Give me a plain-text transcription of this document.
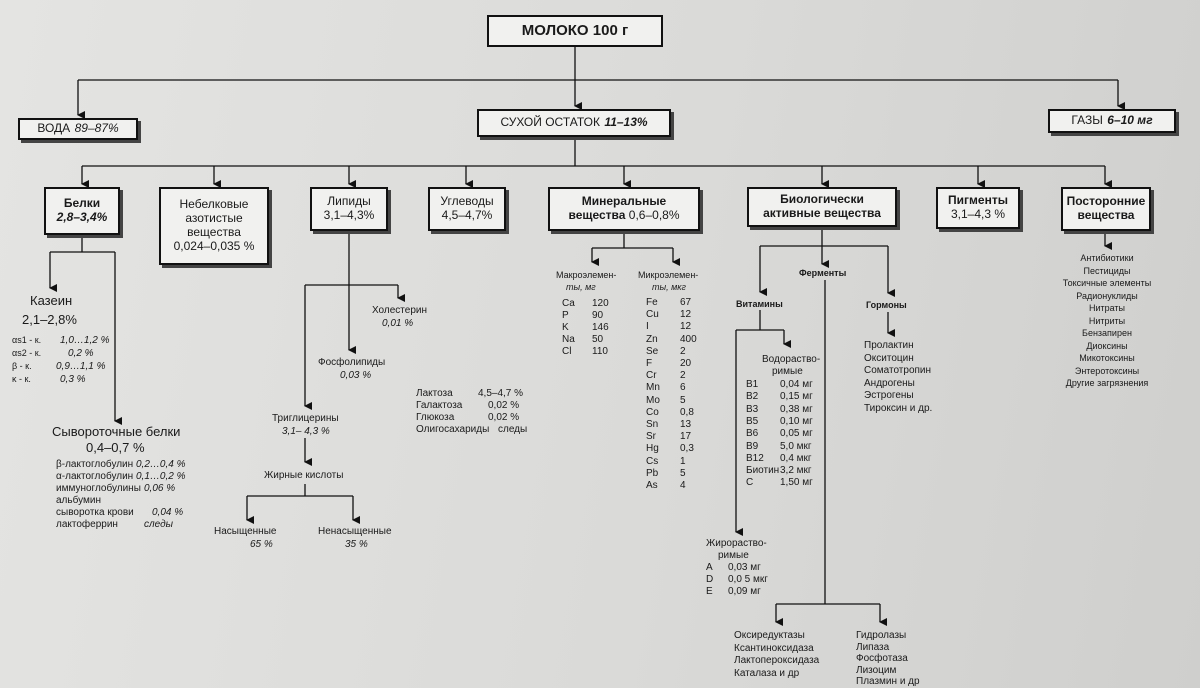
МОЛОКО 100 г
ВОДА
89–87%	СУХОЙ ОСТАТОК
11–13%	ГАЗЫ
6–10 мг
Белки
2,8–3,4%
Небелковые
азотистые
вещества
0,024–0,035 %
Липиды
3,1–4,3%
Углеводы
4,5–4,7%
Минеральные
вещества 0,6–0,8%
Биологически
активные вещества
Пигменты
3,1–4,3 %
Посторонние
вещества
Казеин
2,1–2,8%
αs1 - к. 1,0…1,2 %
αs2 - к.	0,2 %
β - к. 0,9…1,1 %
κ - к.	0,3 %
Сывороточные белки
0,4–0,7 %
β-лактоглобулин 0,2…0,4 %
α-лактоглобулин 0,1…0,2 %
иммуноглобулины 0,06 %
альбумин
сыворотка крови 0,04 %
лактоферрин	следы
Холестерин
0,01 %
Фосфолипиды
0,03 %
Триглицерины
3,1– 4,3 %
Жирные кислоты
Насыщенные
65 %
Ненасыщенные
35 %
Лактоза	4,5–4,7 %
Галактоза	0,02 %
Глюкоза	0,02 %
Олигосахариды следы
Макроэлемен-
ты, мг
Микроэлемен-
ты, мкг
Ca 120
P 90
K 146
Na 50
Cl 110
Fe 67
Cu 12
I	12
Zn 400
Se 2
F	20
Cr 2
Mn 6
Mo 5
Co 0,8
Sn 13
Sr 17
Hg 0,3
Cs 1
Pb 5
As 4
Ферменты
Витамины	Гормоны
Водораство-
римые
B1 0,04 мг
B2 0,15 мг
B3 0,38 мг
B5 0,10 мг
B6 0,05 мг
B9 5,0 мкг
B12 0,4 мкг
Биотин 3,2 мкг
C	1,50 мг
Жирораство-
римые
A 0,03 мг
D 0,0 5 мкг
E 0,09 мг
Пролактин
Окситоцин
Соматотропин
Андрогены
Эстрогены
Тироксин и др.
Оксиредуктазы
Ксантиноксидаза
Лактопероксидаза
Каталаза и др
Гидролазы
Липаза
Фосфотаза
Лизоцим
Плазмин и др
Антибиотики
Пестициды
Токсичные элементы
Радионуклиды
Нитраты
Нитриты
Бензапирен
Диоксины
Микотоксины
Энтеротоксины
Другие загрязнения
